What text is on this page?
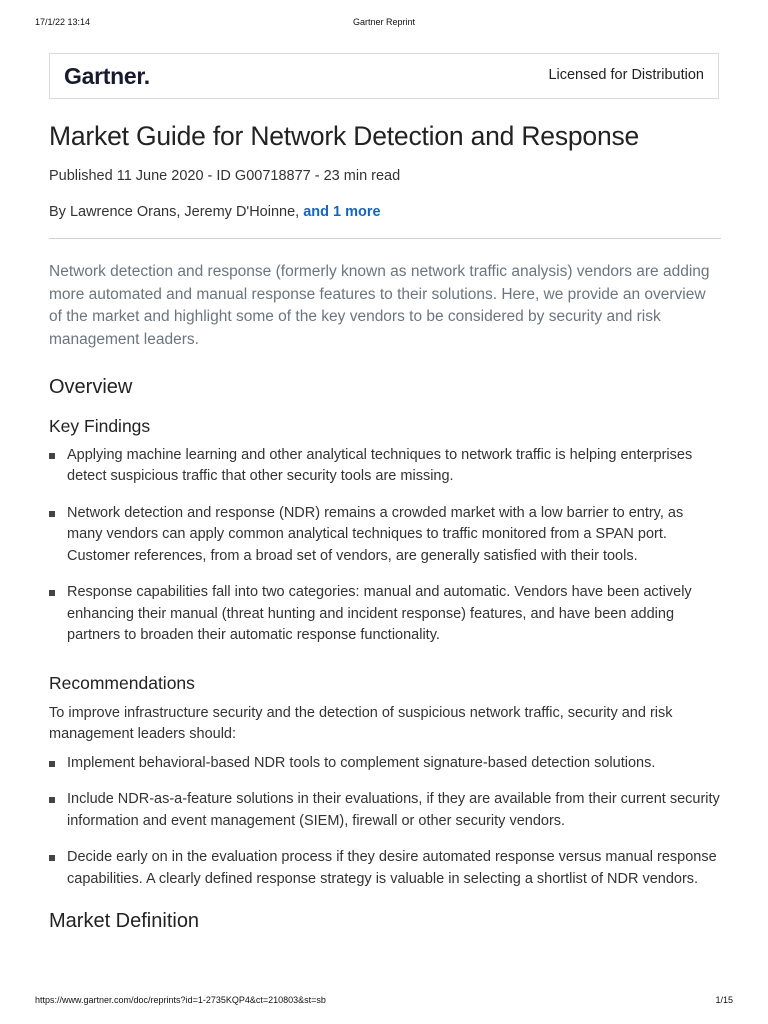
17/1/22 13:14	Gartner Reprint
Gartner.	Licensed for Distribution
Market Guide for Network Detection and Response
Published 11 June 2020 - ID G00718877 - 23 min read
By Lawrence Orans, Jeremy D'Hoinne, and 1 more

Network detection and response (formerly known as network traffic analysis) vendors are adding more automated and manual response features to their solutions. Here, we provide an overview of the market and highlight some of the key vendors to be considered by security and risk management leaders.

Overview
Key Findings
Applying machine learning and other analytical techniques to network traffic is helping enterprises detect suspicious traffic that other security tools are missing.
Network detection and response (NDR) remains a crowded market with a low barrier to entry, as many vendors can apply common analytical techniques to traffic monitored from a SPAN port. Customer references, from a broad set of vendors, are generally satisfied with their tools.
Response capabilities fall into two categories: manual and automatic. Vendors have been actively enhancing their manual (threat hunting and incident response) features, and have been adding partners to broaden their automatic response functionality.
Recommendations
To improve infrastructure security and the detection of suspicious network traffic, security and risk management leaders should:
Implement behavioral-based NDR tools to complement signature-based detection solutions.
Include NDR-as-a-feature solutions in their evaluations, if they are available from their current security information and event management (SIEM), firewall or other security vendors.
Decide early on in the evaluation process if they desire automated response versus manual response capabilities. A clearly defined response strategy is valuable in selecting a shortlist of NDR vendors.
Market Definition
https://www.gartner.com/doc/reprints?id=1-2735KQP4&ct=210803&st=sb	1/15
